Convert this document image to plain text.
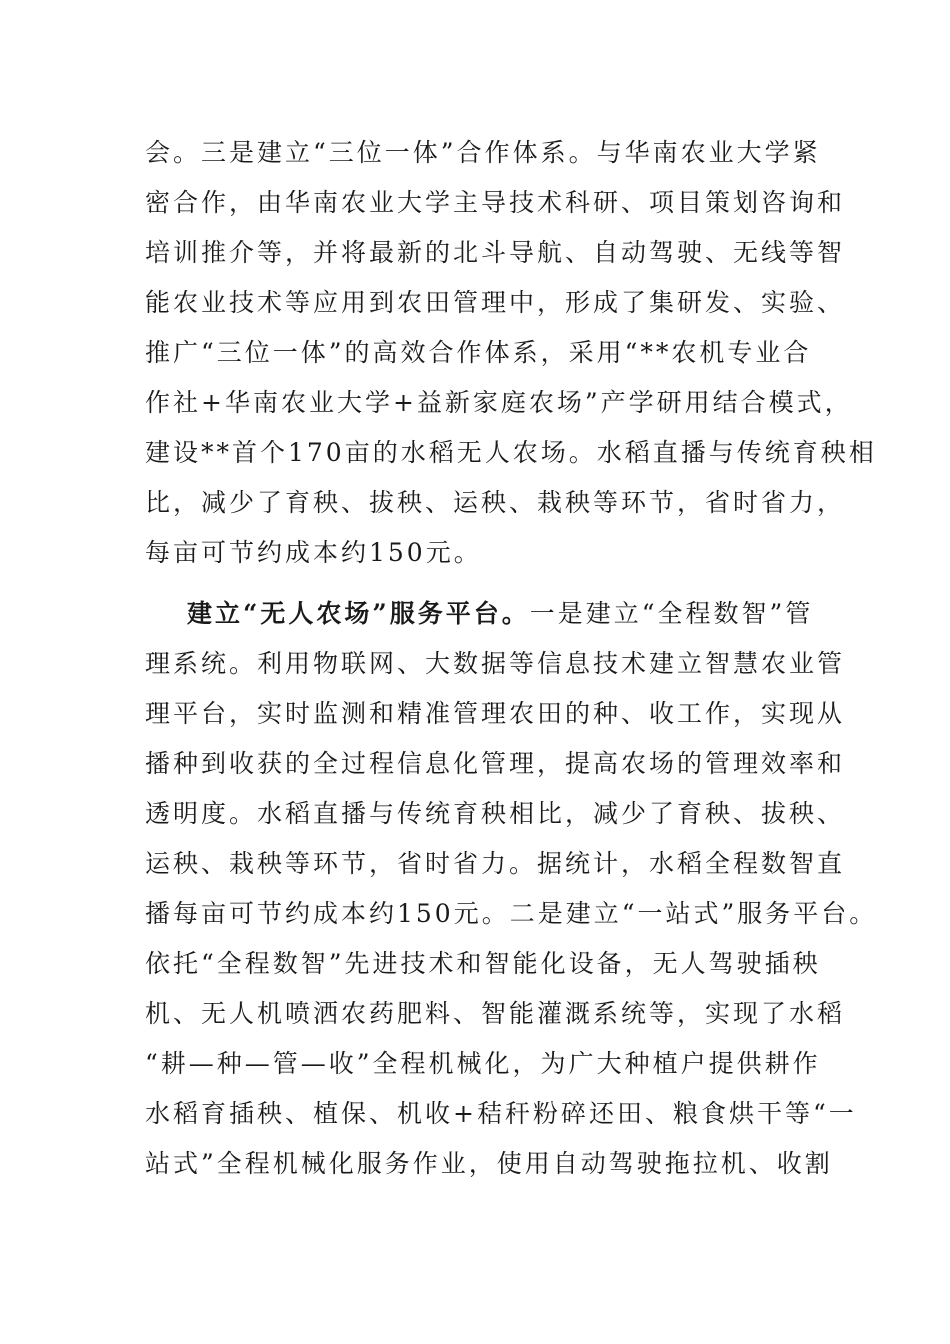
会。三是建立“三位一体”合作体系。与华南农业大学紧
密合作，由华南农业大学主导技术科研、项目策划咨询和
培训推介等，并将最新的北斗导航、自动驾驶、无线等智
能农业技术等应用到农田管理中，形成了集研发、实验、
推广“三位一体”的高效合作体系，采用“**农机专业合
作社+华南农业大学+益新家庭农场”产学研用结合模式，
建设**首个170亩的水稻无人农场。水稻直播与传统育秧相
比，减少了育秧、拔秧、运秧、栽秧等环节，省时省力，
每亩可节约成本约150元。
建立“无人农场”服务平台。一是建立“全程数智”管
理系统。利用物联网、大数据等信息技术建立智慧农业管
理平台，实时监测和精准管理农田的种、收工作，实现从
播种到收获的全过程信息化管理，提高农场的管理效率和
透明度。水稻直播与传统育秧相比，减少了育秧、拔秧、
运秧、栽秧等环节，省时省力。据统计，水稻全程数智直
播每亩可节约成本约150元。二是建立“一站式”服务平台。
依托“全程数智”先进技术和智能化设备，无人驾驶插秧
机、无人机喷洒农药肥料、智能灌溉系统等，实现了水稻
“耕—种—管—收”全程机械化，为广大种植户提供耕作
水稻育插秧、植保、机收+秸秆粉碎还田、粮食烘干等“一
站式”全程机械化服务作业，使用自动驾驶拖拉机、收割
